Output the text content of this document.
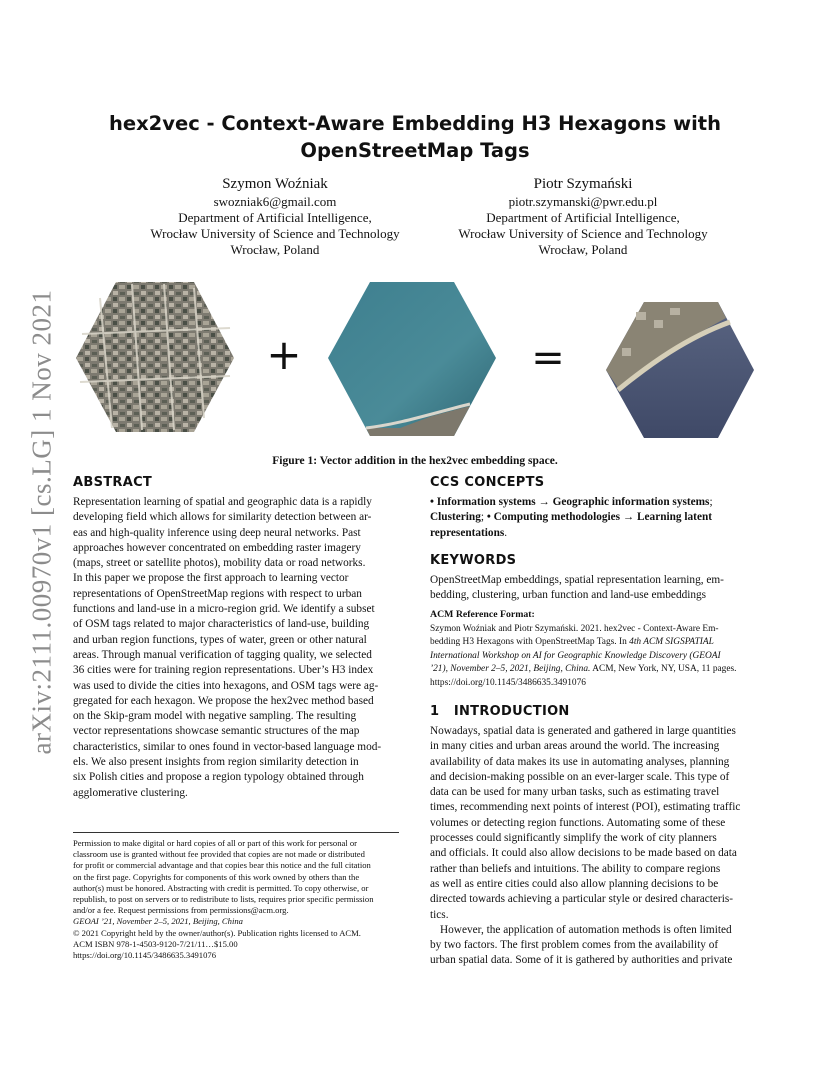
arXiv:2111.00970v1 [cs.LG] 1 Nov 2021
hex2vec - Context-Aware Embedding H3 Hexagons with
OpenStreetMap Tags
Szymon Woźniak
swozniak6@gmail.com
Department of Artificial Intelligence,
Wrocław University of Science and Technology
Wrocław, Poland
Piotr Szymański
piotr.szymanski@pwr.edu.pl
Department of Artificial Intelligence,
Wrocław University of Science and Technology
Wrocław, Poland
+	=
Figure 1: Vector addition in the hex2vec embedding space.
ABSTRACT
Representation learning of spatial and geographic data is a rapidly
developing field which allows for similarity detection between ar-
eas and high-quality inference using deep neural networks. Past
approaches however concentrated on embedding raster imagery
(maps, street or satellite photos), mobility data or road networks.
In this paper we propose the first approach to learning vector
representations of OpenStreetMap regions with respect to urban
functions and land-use in a micro-region grid. We identify a subset
of OSM tags related to major characteristics of land-use, building
and urban region functions, types of water, green or other natural
areas. Through manual verification of tagging quality, we selected
36 cities were for training region representations. Uber’s H3 index
was used to divide the cities into hexagons, and OSM tags were ag-
gregated for each hexagon. We propose the hex2vec method based
on the Skip-gram model with negative sampling. The resulting
vector representations showcase semantic structures of the map
characteristics, similar to ones found in vector-based language mod-
els. We also present insights from region similarity detection in
six Polish cities and propose a region typology obtained through
agglomerative clustering.
Permission to make digital or hard copies of all or part of this work for personal or
classroom use is granted without fee provided that copies are not made or distributed
for profit or commercial advantage and that copies bear this notice and the full citation
on the first page. Copyrights for components of this work owned by others than the
author(s) must be honored. Abstracting with credit is permitted. To copy otherwise, or
republish, to post on servers or to redistribute to lists, requires prior specific permission
and/or a fee. Request permissions from permissions@acm.org.
GEOAI ’21, November 2–5, 2021, Beijing, China
© 2021 Copyright held by the owner/author(s). Publication rights licensed to ACM.
ACM ISBN 978-1-4503-9120-7/21/11…$15.00
https://doi.org/10.1145/3486635.3491076
CCS CONCEPTS
• Information systems → Geographic information systems;
Clustering; • Computing methodologies → Learning latent
representations.
KEYWORDS
OpenStreetMap embeddings, spatial representation learning, em-
bedding, clustering, urban function and land-use embeddings
ACM Reference Format:
Szymon Woźniak and Piotr Szymański. 2021. hex2vec - Context-Aware Em-
bedding H3 Hexagons with OpenStreetMap Tags. In 4th ACM SIGSPATIAL
International Workshop on AI for Geographic Knowledge Discovery (GEOAI
’21), November 2–5, 2021, Beijing, China. ACM, New York, NY, USA, 11 pages.
https://doi.org/10.1145/3486635.3491076
1 INTRODUCTION
Nowadays, spatial data is generated and gathered in large quantities
in many cities and urban areas around the world. The increasing
availability of data makes its use in automating analyses, planning
and decision-making possible on an ever-larger scale. This type of
data can be used for many urban tasks, such as estimating travel
times, recommending next points of interest (POI), estimating traffic
volumes or detecting region functions. Automating some of these
processes could significantly simplify the work of city planners
and officials. It could also allow decisions to be made based on data
rather than beliefs and intuitions. The ability to compare regions
as well as entire cities could also allow planning decisions to be
directed towards achieving a particular style or desired characteris-
tics.
However, the application of automation methods is often limited
by two factors. The first problem comes from the availability of
urban spatial data. Some of it is gathered by authorities and private
